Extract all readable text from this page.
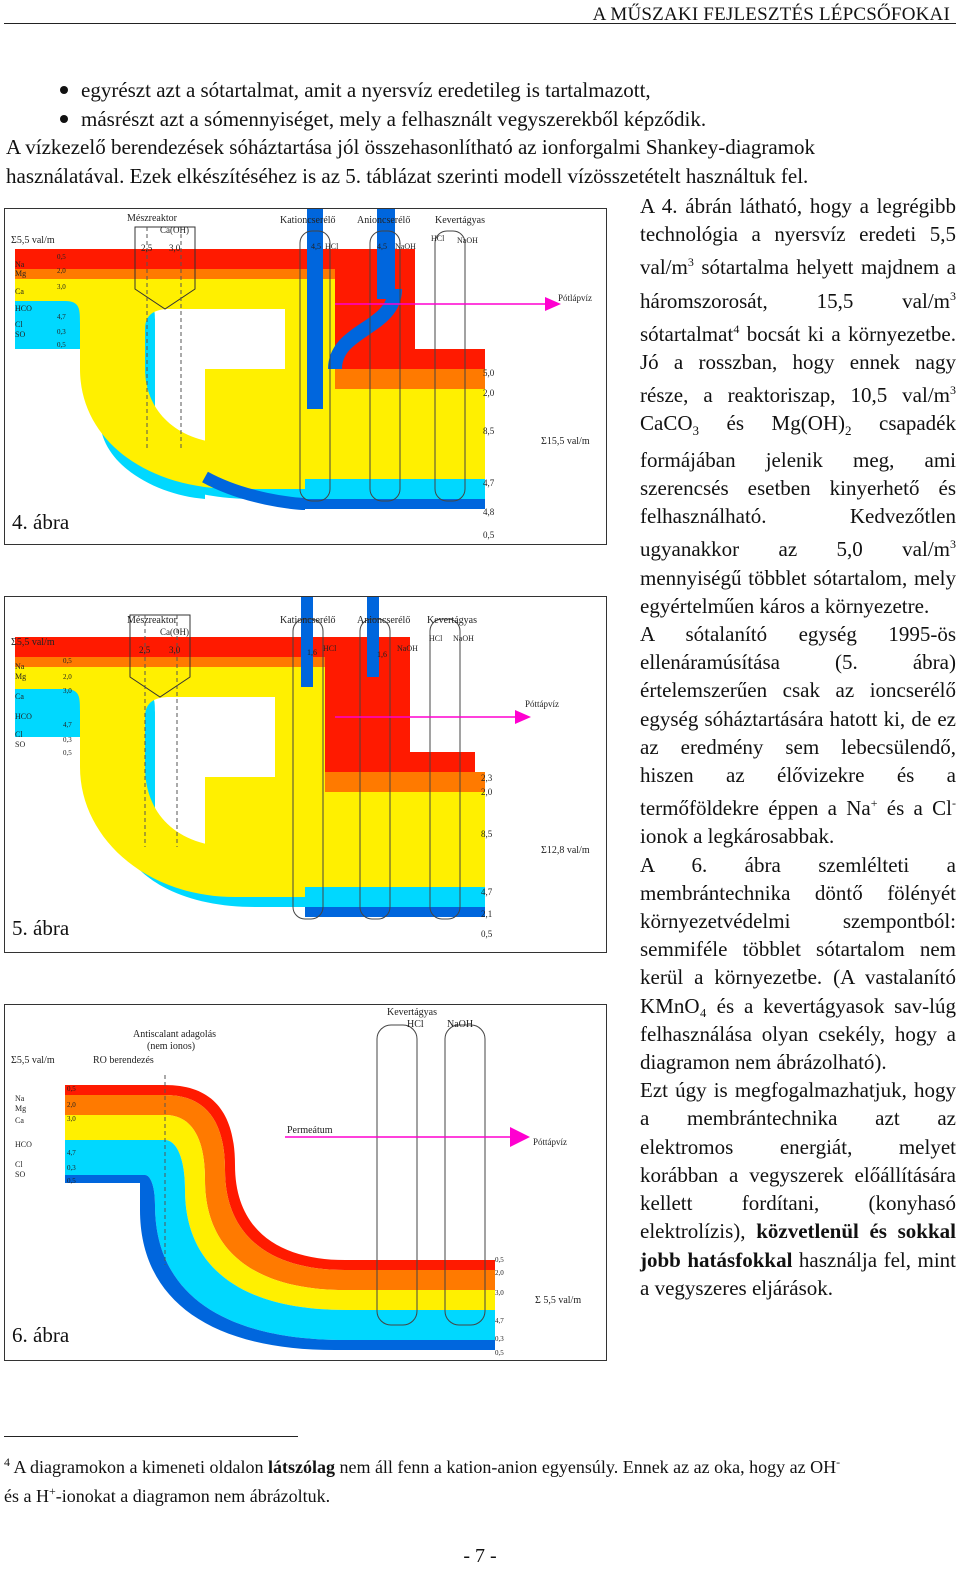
A MŰSZAKI FEJLESZTÉS LÉPCSŐFOKAI
egyrészt azt a sótartalmat, amit a nyersvíz eredetileg is tartalmazott,
másrészt azt a sómennyiséget, mely a felhasznált vegyszerekből képződik.
A vízkezelő berendezések sóháztartása jól összehasonlítható az ionforgalmi Shankey-diagramok
használatával. Ezek elkészítéséhez is az 5. táblázat szerinti modell vízösszetételt használtuk fel.
Σ5,5 val/m
Na
Mg
Ca
HCO
Cl
SO
0,5
2,0
3,0
4,7
0,3
0,5
Mészreaktor
Ca(OH)
Kationcserélő Anioncserélő Kevertágyas
2,5 3,0	4,5 HCl	4,5 NaOH
HCl NaOH
Pótlápvíz
5,0
2,0
8,5
4,7
4,8
0,5
Σ15,5 val/m
4. ábra
Σ5,5 val/m
Na
Mg
Ca
HCO
Cl
SO
0,5
2,0
3,0
4,7
0,3
0,5
Mészreaktor
Ca(OH)
Kationcserélő Anioncserélő Kevertágyas
2,5 3,0	1,6 HCl
1,6
NaOH
HCl NaOH
Póttápvíz
2,3
2,0
8,5
4,7
2,1
0,5
Σ12,8 val/m
5. ábra
Σ5,5 val/m
Na
Mg
Ca
HCO
Cl
SO
0,5
2,0
3,0
4,7
0,3
0,5
Antiscalant adagolás
(nem ionos)
RO berendezés
Kevertágyas
HCl NaOH
Permeátum
Póttápvíz
0,5
2,0
3,0
4,7
0,3
0,5
Σ 5,5 val/m
6. ábra

A 4. ábrán látható, hogy a legrégibb technológia a nyersvíz eredeti 5,5 val/$m^3$ sótartalma helyett majdnem a háromszorosát, 15,5 val/$m^3$ sótartalmat$^4$ bocsát ki a környezetbe. Jó a rosszban, hogy ennek nagy része, a reaktoriszap, 10,5 val/$m^3$ CaCO$_3$ és $Mg(OH)_2$ csapadék formájában jelenik meg, ami szerencsés esetben kinyerhető és felhasználható. Kedvezőtlen ugyanakkor az 5,0 val/$m^3$ mennyiségű többlet sótartalom, mely egyértelműen káros a környezetre.

A sótalanító egység 1995-ös ellenáramúsítása (5. ábra) értelemszerűen csak az ioncserélő egység sóháztartására hatott ki, de ez az eredmény sem lebecsülendő, hiszen az élővizekre és a termőföldekre éppen a Na+ és a Cl- ionok a legkárosabbak.

A 6. ábra szemlélteti a membrántechnika döntő fölényét környezetvédelmi szempontból: semmiféle többlet sótartalom nem kerül a környezetbe. (A vastalanító KMnO₄ és a kevertágyasok sav-lúg felhasználása olyan csekély, hogy a diagramon nem ábrázolható).

Ezt úgy is megfogalmazhatjuk, hogy a membrántechnika azt az elektromos energiát, melyet korábban a vegyszerek előállítására kellett fordítani, (konyhasó elektrolízis), közvetlenül és sokkal jobb hatásfokkal használja fel, mint a vegyszeres eljárások.

$^4$ A diagramokon a kimeneti oldalon látszólag nem áll fenn a kation-anion egyensúly. Ennek az az oka, hogy az OH-
és a H+-ionokat a diagramon nem ábrázoltuk.
- 7 -
